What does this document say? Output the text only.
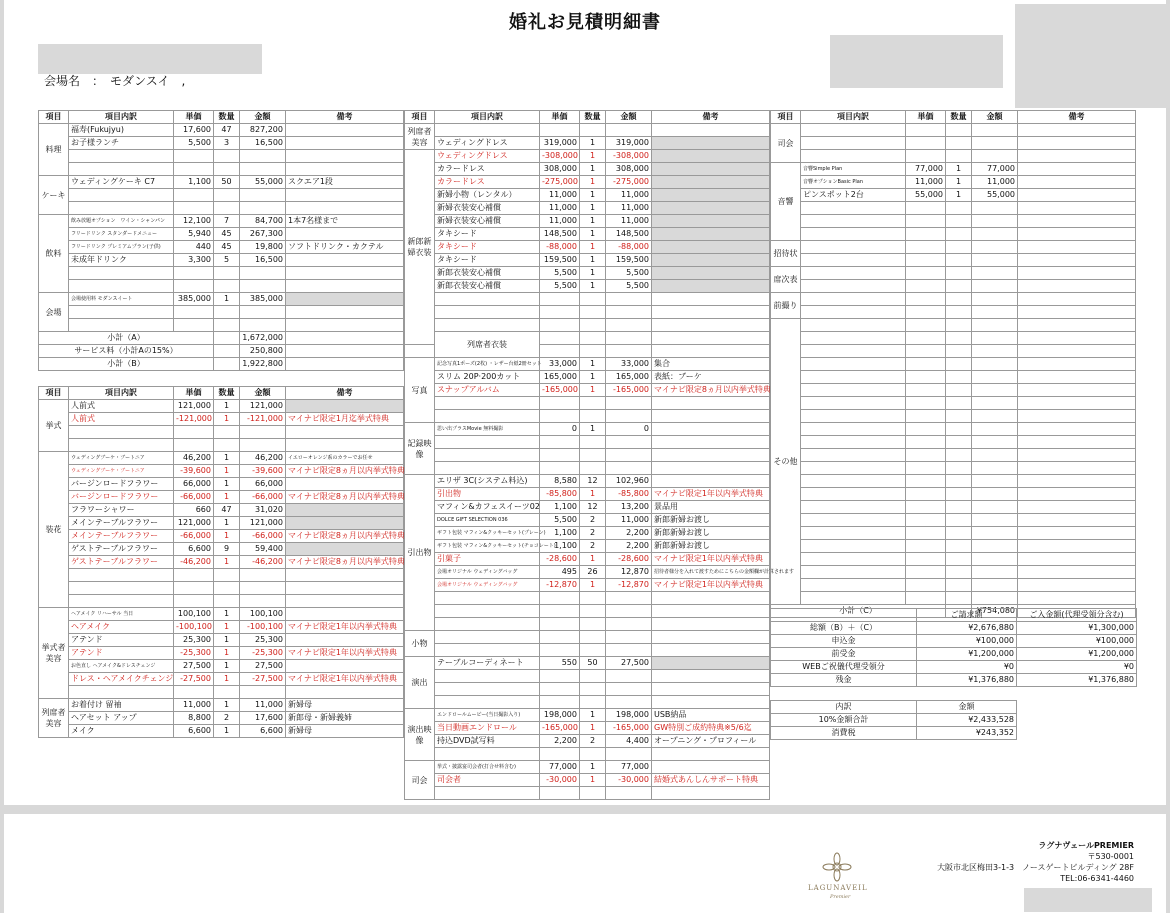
婚礼お見積明細書
会場名　：　モダンスイ　,
項目	項目内訳	単価	数量	金額	備考
料理	福寿(Fukujyu)	17,600	47	827,200	
	お子様ランチ	5,500	3	16,500	

ケーキ	ウェディングケーキ C7	1,100	50	55,000	スクエア1段

飲料	飲み放題オプション　ワイン・シャンパン	12,100	7	84,700	1本7名様まで
	フリードリンク スタンダードメニュー	5,940	45	267,300	
	フリードリンク プレミアムプラン(子供)	440	45	19,800	ソフトドリンク・カクテル
	未成年ドリンク	3,300	5	16,500	

会場	会場使用料 モダンスイート	385,000	1	385,000	

小計（A）				1,672,000	
サービス料（小計Aの15%）				250,800	
小計（B）				1,922,800	
項目	項目内訳	単価	数量	金額	備考
挙式	人前式	121,000	1	121,000	
	人前式	-121,000	1	-121,000	マイナビ限定1月迄挙式特典

装花	ウェディングブーケ・ブートニア	46,200	1	46,200	イエローオレンジ系のカラーでお任せ
	ウェディングブーケ・ブートニア	-39,600	1	-39,600	マイナビ限定8ヵ月以内挙式特典
	バージンロードフラワー	66,000	1	66,000	
	バージンロードフラワー	-66,000	1	-66,000	マイナビ限定8ヵ月以内挙式特典
	フラワーシャワー	660	47	31,020	
	メインテーブルフラワー	121,000	1	121,000	
	メインテーブルフラワー	-66,000	1	-66,000	マイナビ限定8ヵ月以内挙式特典
	ゲストテーブルフラワー	6,600	9	59,400	
	ゲストテーブルフラワー	-46,200	1	-46,200	マイナビ限定8ヵ月以内挙式特典

挙式者美容	ヘアメイク リハーサル 当日	100,100	1	100,100	
	ヘアメイク	-100,100	1	-100,100	マイナビ限定1年以内挙式特典
	アテンド	25,300	1	25,300	
	アテンド	-25,300	1	-25,300	マイナビ限定1年以内挙式特典
	お色直し ヘアメイク&ドレスチェンジ	27,500	1	27,500	
	ドレス・ヘアメイクチェンジ	-27,500	1	-27,500	マイナビ限定1年以内挙式特典

列席者美容	お着付け 留袖	11,000	1	11,000	新婦母
	ヘアセット アップ	8,800	2	17,600	新郎母・新婦義姉
	メイク	6,600	1	6,600	新婦母
項目	項目内訳	単価	数量	金額	備考	
列席者美容						
	ウェディングドレス	319,000	1	319,000		
新郎新婦衣装	ウェディングドレス	-308,000	1	-308,000		
	カラードレス	308,000	1	308,000		
	カラードレス	-275,000	1	-275,000		
	新婦小物（レンタル）	11,000	1	11,000		
	新婦衣装安心補償	11,000	1	11,000		
	新婦衣装安心補償	11,000	1	11,000		
	タキシード	148,500	1	148,500		
	タキシード	-88,000	1	-88,000		
	タキシード	159,500	1	159,500		
	新郎衣装安心補償	5,500	1	5,500		
	新郎衣装安心補償	5,500	1	5,500		

	列席者衣装					

写真	記念写真1ポーズ(2枚) ・レザー台紙2冊セット	33,000	1	33,000	集合	
	スリム 20P·200カット	165,000	1	165,000	表紙：ブーケ	
	スナップアルバム	-165,000	1	-165,000	マイナビ限定8ヵ月以内挙式特典	

記録映像	思い出プラスMovie 無料撮影	0	1	0		

引出物	エリザ 3C(システム料込)	8,580	12	102,960		
	引出物	-85,800	1	-85,800	マイナビ限定1年以内挙式特典	
	マフィン&カフェスイーツ02	1,100	12	13,200	景品用	
	DOLCE GIFT SELECTION 036	5,500	2	11,000	新郎新婦お渡し	
	ギフト包装 マフィン&クッキーセット(プレーン)	1,100	2	2,200	新郎新婦お渡し	
	ギフト包装 マフィン&クッキーセット(チョコレート)	1,100	2	2,200	新郎新婦お渡し	
	引菓子	-28,600	1	-28,600	マイナビ限定1年以内挙式特典	
	会場オリジナル ウェディングバッグ	495	26	12,870	招待者様分を入れて渡すためにこちらの金額欄が計算されます	
	会場オリジナル ウェディングバッグ	-12,870	1	-12,870	マイナビ限定1年以内挙式特典	

小物						

演出	テーブルコーディネート	550	50	27,500		

演出映像	エンドロールムービー(当日撮影入り)	198,000	1	198,000	USB納品	
	当日動画エンドロール	-165,000	1	-165,000	GW特別ご成約特典※5/6迄	
	持込DVD試写料	2,200	2	4,400	オープニング・プロフィール	

司会	挙式・披露宴司会者(打合せ料含む)	77,000	1	77,000		
	司会者	-30,000	1	-30,000	結婚式あんしんサポート特典	

項目	項目内訳	単価	数量	金額	備考
司会					

音響	音響Simple Plan	77,000	1	77,000	
	音響オプションBasic Plan	11,000	1	11,000	
	ピンスポット2台	55,000	1	55,000	

招待状					

席次表					

前撮り					

その他					

小計（C）				¥754,080	
	ご請求額	ご入金額(代理受領分含む)
総額（B）＋（C）	¥2,676,880	¥1,300,000
申込金	¥100,000	¥100,000
前受金	¥1,200,000	¥1,200,000
WEBご祝儀代理受領分	¥0	¥0
残金	¥1,376,880	¥1,376,880
内訳	金額
10%金額合計	¥2,433,528
消費税	¥243,352
LAGUNAVEIL
Premier
ラグナヴェールPREMIER
〒530-0001
大阪市北区梅田3-1-3　ノースゲートビルディング 28F
TEL:06-6341-4460
